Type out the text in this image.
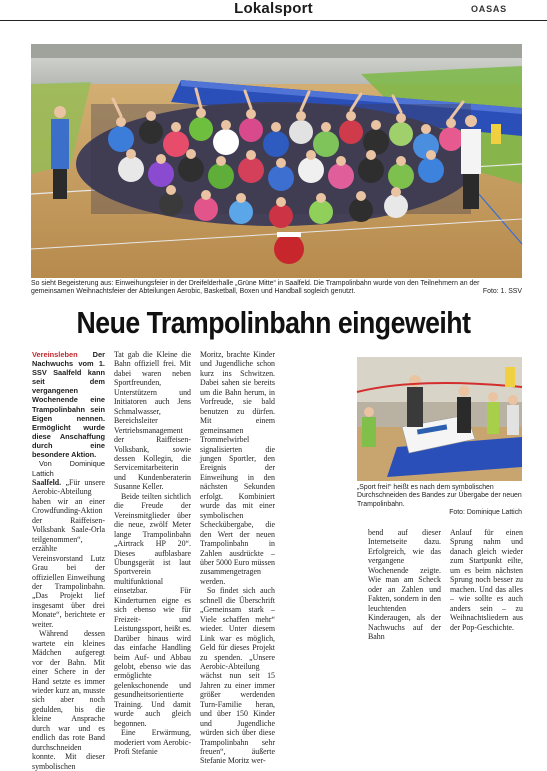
Lokalsport	OASAS
So sieht Begeisterung aus: Einweihungsfeier in der Dreifelderhalle „Grüne Mitte“ in Saalfeld. Die Trampolinbahn wurde von den Teilnehmern an der gemeinsamen Weihnachtsfeier der Abteilungen Aerobic, Basketball, Boxen und Handball sogleich genutzt.	Foto: 1. SSV
Neue Trampolinbahn eingeweiht

Vereinsleben Der Nachwuchs vom 1. SSV Saalfeld kann seit dem vergangenen Wochenende eine Trampolinbahn sein Eigen nennen. Ermöglicht wurde diese Anschaffung durch eine besondere Aktion.

Von Dominique Lattich

Saalfeld. „Für unsere Aerobic-Abteilung haben wir an einer Crowdfunding-Aktion der Raiffeisen-Volksbank Saale-Orla teilgenommen“, erzählte Vereinsvorstand Lutz Grau bei der offiziellen Einweihung der Trampolinbahn. „Das Projekt lief insgesamt über drei Monate“, berichtete er weiter.

Während dessen wartete ein kleines Mädchen aufgeregt vor der Bahn. Mit einer Schere in der Hand setzte es immer wieder kurz an, musste sich aber noch gedulden, bis die kleine Ansprache durch war und es endlich das rote Band durchschneiden konnte. Mit dieser symbolischen

Tat gab die Kleine die Bahn offiziell frei. Mit dabei waren neben Sportfreunden, Unterstützern und Initiatoren auch Jens Schmalwasser, Bereichsleiter Vertriebsmanagement der Raiffeisen-Volksbank, sowie dessen Kollegin, die Servicemitarbeiterin und Kundenberaterin Susanne Keller.

Beide teilten sichtlich die Freude der Vereinsmitglieder über die neue, zwölf Meter lange Trampolinbahn „Airtrack HP 20“. Dieses aufblasbare Übungsgerät ist laut Sportverein multifunktional einsetzbar. Für Kinderturnen eigne es sich ebenso wie für Freizeit- und Leistungssport, heißt es. Darüber hinaus wird das einfache Handling beim Auf- und Abbau gelobt, ebenso wie das ermöglichte gelenkschonende und gesundheitsorientierte Training. Und damit wurde auch gleich begonnen.

Eine Erwärmung, moderiert vom Aerobic-Profi Stefanie

Moritz, brachte Kinder und Jugendliche schon kurz ins Schwitzen. Dabei sahen sie bereits um die Bahn herum, in Vorfreude, sie bald benutzen zu dürfen. Mit einem gemeinsamen Trommelwirbel signalisierten die jungen Sportler, den Ereignis der Einweihung in den nächsten Sekunden erfolgt. Kombiniert wurde das mit einer symbolischen Scheckübergabe, die den Wert der neuen Trampolinbahn in Zahlen ausdrückte – über 5000 Euro müssen zusammengetragen werden.

So findet sich auch schnell die Überschrift „Gemeinsam stark – Viele schaffen mehr“ wieder. Unter diesem Link war es möglich, Geld für dieses Projekt zu spenden. „Unsere Aerobic-Abteilung wächst nun seit 15 Jahren zu einer immer größer werdenden Turn-Familie heran, und über 150 Kinder und Jugendliche würden sich über diese Trampolinbahn sehr freuen“, äußerte Stefanie Moritz wer-

„Sport frei!“ heißt es nach dem symbolischen Durchschneiden des Bandes zur Übergabe der neuen Trampolinbahn.
Foto: Dominique Lattich

bend auf dieser Internetseite dazu. Erfolgreich, wie das vergangene Wochenende zeigte. Wie man am Scheck oder an Zahlen und Fakten, sondern in den leuchtenden Kinderaugen, als der Nachwuchs auf der Bahn

Anlauf für einen Sprung nahm und danach gleich wieder zum Startpunkt eilte, um es beim nächsten Sprung noch besser zu machen. Und das alles – wie sollte es auch anders sein – zu Weihnachtsliedern aus der Pop-Geschichte.
